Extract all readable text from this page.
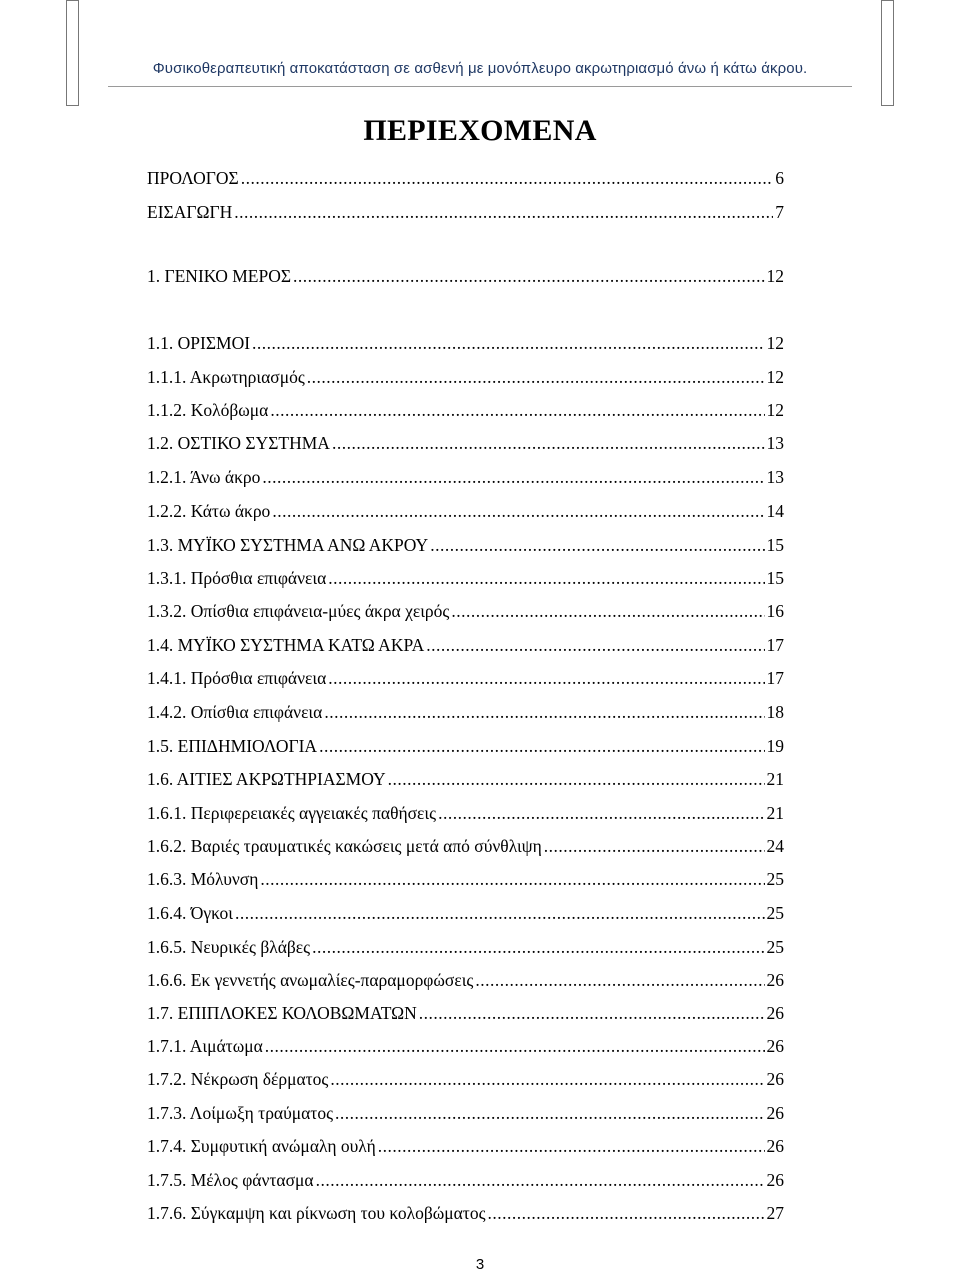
Φυσικοθεραπευτική αποκατάσταση σε ασθενή με μονόπλευρο ακρωτηριασμό άνω ή κάτω άκρου.
ΠΕΡΙΕΧΟΜΕΝΑ
ΠΡΟΛΟΓΟΣ .....	6
ΕΙΣΑΓΩΓΗ .....	7
1. ΓΕΝΙΚΟ ΜΕΡΟΣ .....	12
1.1. ΟΡΙΣΜΟΙ .....	12
1.1.1. Ακρωτηριασμός .....	12
1.1.2. Κολόβωμα .....	12
1.2. ΟΣΤΙΚΟ ΣΥΣΤΗΜΑ .....	13
1.2.1. Άνω άκρο .....	13
1.2.2. Κάτω άκρο .....	14
1.3. ΜΥΪΚΟ ΣΥΣΤΗΜΑ ΑΝΩ ΑΚΡΟΥ .....	15
1.3.1. Πρόσθια επιφάνεια .....	15
1.3.2. Οπίσθια επιφάνεια-μύες άκρα χειρός .....	16
1.4. ΜΥΪΚΟ ΣΥΣΤΗΜΑ ΚΑΤΩ ΑΚΡΑ .....	17
1.4.1. Πρόσθια επιφάνεια .....	17
1.4.2. Οπίσθια επιφάνεια .....	18
1.5. ΕΠΙΔΗΜΙΟΛΟΓΙΑ .....	19
1.6. ΑΙΤΙΕΣ ΑΚΡΩΤΗΡΙΑΣΜΟΥ .....	21
1.6.1. Περιφερειακές αγγειακές παθήσεις .....	21
1.6.2. Βαριές τραυματικές κακώσεις μετά από σύνθλιψη .....	24
1.6.3. Μόλυνση .....	25
1.6.4. Όγκοι .....	25
1.6.5. Νευρικές βλάβες .....	25
1.6.6. Εκ γεννετής ανωμαλίες-παραμορφώσεις .....	26
1.7. ΕΠΙΠΛΟΚΕΣ ΚΟΛΟΒΩΜΑΤΩΝ .....	26
1.7.1. Αιμάτωμα .....	26
1.7.2. Νέκρωση δέρματος .....	26
1.7.3. Λοίμωξη τραύματος .....	26
1.7.4. Συμφυτική ανώμαλη ουλή .....	26
1.7.5. Μέλος φάντασμα .....	26
1.7.6. Σύγκαμψη και ρίκνωση του κολοβώματος .....	27
3
